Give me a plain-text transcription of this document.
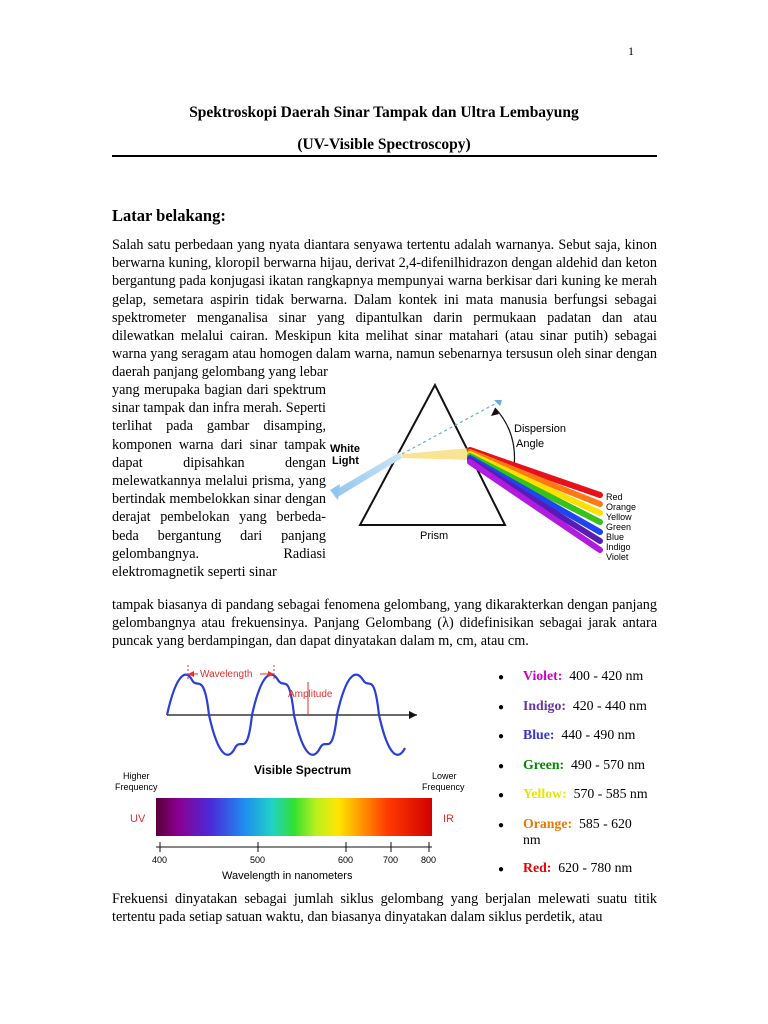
1
Spektroskopi Daerah Sinar Tampak dan Ultra Lembayung
(UV-Visible Spectroscopy)
Latar belakang:
Salah satu perbedaan yang nyata diantara senyawa tertentu adalah warnanya. Sebut saja, kinon berwarna kuning, kloropil berwarna hijau, derivat 2,4-difenilhidrazon dengan aldehid dan keton bergantung pada konjugasi ikatan rangkapnya mempunyai warna berkisar dari kuning ke merah gelap, semetara aspirin tidak berwarna. Dalam kontek ini mata manusia berfungsi sebagai spektrometer menganalisa sinar yang dipantulkan darin permukaan padatan dan atau dilewatkan melalui cairan. Meskipun kita melihat sinar matahari (atau sinar putih) sebagai warna yang seragam atau homogen dalam warna, namun sebenarnya tersusun oleh sinar dengan daerah panjang gelombang yang lebar
yang merupaka bagian dari spektrum sinar tampak dan infra merah. Seperti terlihat pada gambar disamping, komponen warna dari sinar tampak dapat dipisahkan dengan melewatkannya melalui prisma, yang bertindak membelokkan sinar dengan derajat pembelokan yang berbeda-beda bergantung dari panjang gelombangnya. Radiasi elektromagnetik seperti sinar
White
Light
Dispersion
Angle
Prism
Red
Orange
Yellow
Green
Blue
Indigo
Violet
tampak biasanya di pandang sebagai fenomena gelombang, yang dikarakterkan dengan panjang gelombangnya atau frekuensinya. Panjang Gelombang (λ) didefinisikan sebagai jarak antara puncak yang berdampingan, dan dapat dinyatakan dalam m, cm, atau cm.
Wavelength
Amplitude
Visible Spectrum
Higher
Frequency
Lower
Frequency
UV	IR
400	500	600	700	800
Wavelength in nanometers
● Violet:  400 - 420 nm
● Indigo:  420 - 440 nm
● Blue:  440 - 490 nm
● Green:  490 - 570 nm
● Yellow:  570 - 585 nm
● Orange:  585 - 620
nm
● Red:  620 - 780 nm
Frekuensi dinyatakan sebagai jumlah siklus gelombang yang berjalan melewati suatu titik tertentu pada setiap satuan waktu, dan biasanya dinyatakan dalam siklus perdetik, atau
